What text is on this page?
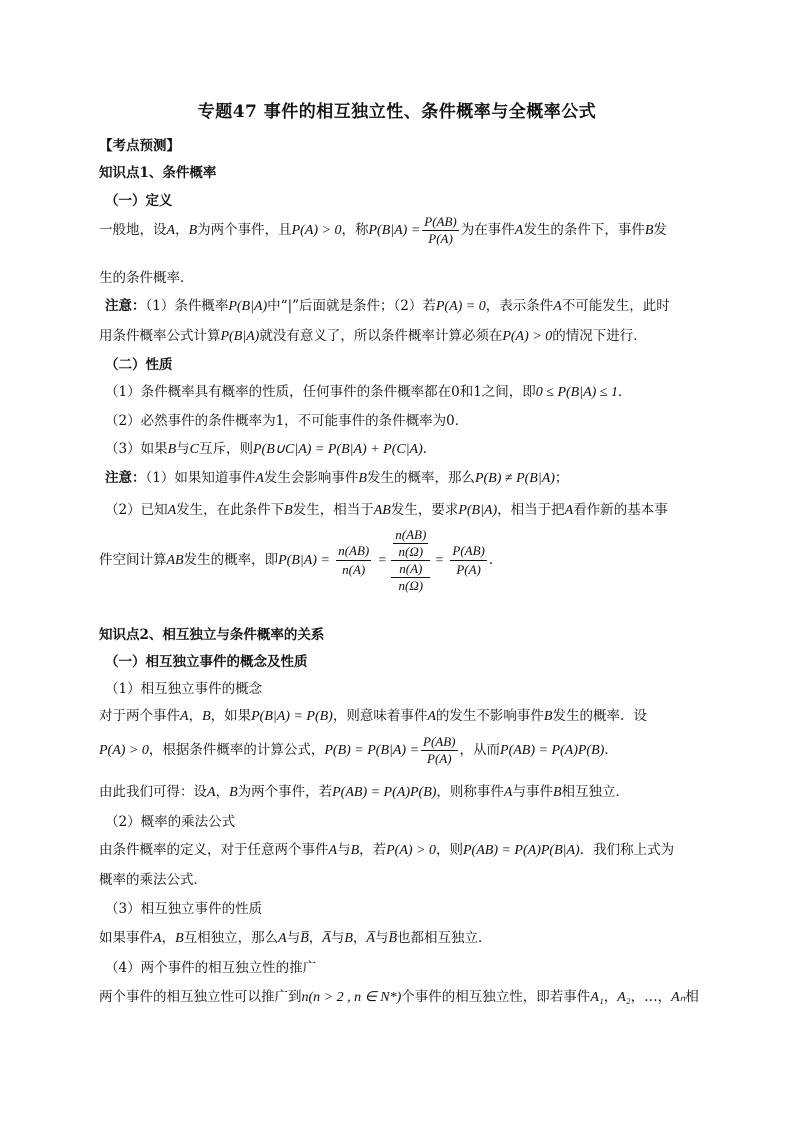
专题47 事件的相互独立性、条件概率与全概率公式
【考点预测】
知识点1、条件概率
（一）定义
一般地，设A，B为两个事件，且P(A) > 0，称$P(B|A) = \frac{P(AB)}{P(A)}$ 为在事件A发生的条件下，事件B发
生的条件概率．
注意：（1）条件概率P(B|A)中“|”后面就是条件；（2）若P(A) = 0，表示条件A不可能发生，此时
用条件概率公式计算P(B|A)就没有意义了，所以条件概率计算必须在P(A) > 0的情况下进行．
（二）性质
（1）条件概率具有概率的性质，任何事件的条件概率都在0和1之间，即0 ≤ P(B|A) ≤ 1．
（2）必然事件的条件概率为1，不可能事件的条件概率为0．
（3）如果B与C互斥，则P(B∪C|A) = P(B|A) + P(C|A)．
注意：（1）如果知道事件A发生会影响事件B发生的概率，那么P(B) ≠ P(B|A)；
（2）已知A发生，在此条件下B发生，相当于AB发生，要求P(B|A)，相当于把A看作新的基本事
件空间计算AB发生的概率，即$P(B|A) = \frac{n(AB)}{n(A)} = \frac{n(AB)}{n(\Omega)}$
n(A)
$n(\Omega) = \frac{P(AB)}{P(A)}$ ．
知识点2、相互独立与条件概率的关系
（一）相互独立事件的概念及性质
（1）相互独立事件的概念
对于两个事件A，B，如果P(B|A) = P(B)，则意味着事件A的发生不影响事件B发生的概率．设
P(A) > 0，根据条件概率的计算公式，$P(B) = P(B|A) = \frac{P(AB)}{P(A)}$ ，从而P(AB) = P(A)P(B)．
由此我们可得：设A，B为两个事件，若P(AB) = P(A)P(B)，则称事件A与事件B相互独立．
（2）概率的乘法公式
由条件概率的定义，对于任意两个事件A与B，若P(A) > 0，则P(AB) = P(A)P(B|A)．我们称上式为
概率的乘法公式．
（3）相互独立事件的性质
如果事件A，B互相独立，那么A与B̅，A̅与B，A̅与B̅也都相互独立．
（4）两个事件的相互独立性的推广
两个事件的相互独立性可以推广到n(n > 2 , n ∈ N*)个事件的相互独立性，即若事件A₁，A₂，…，Aₙ相
